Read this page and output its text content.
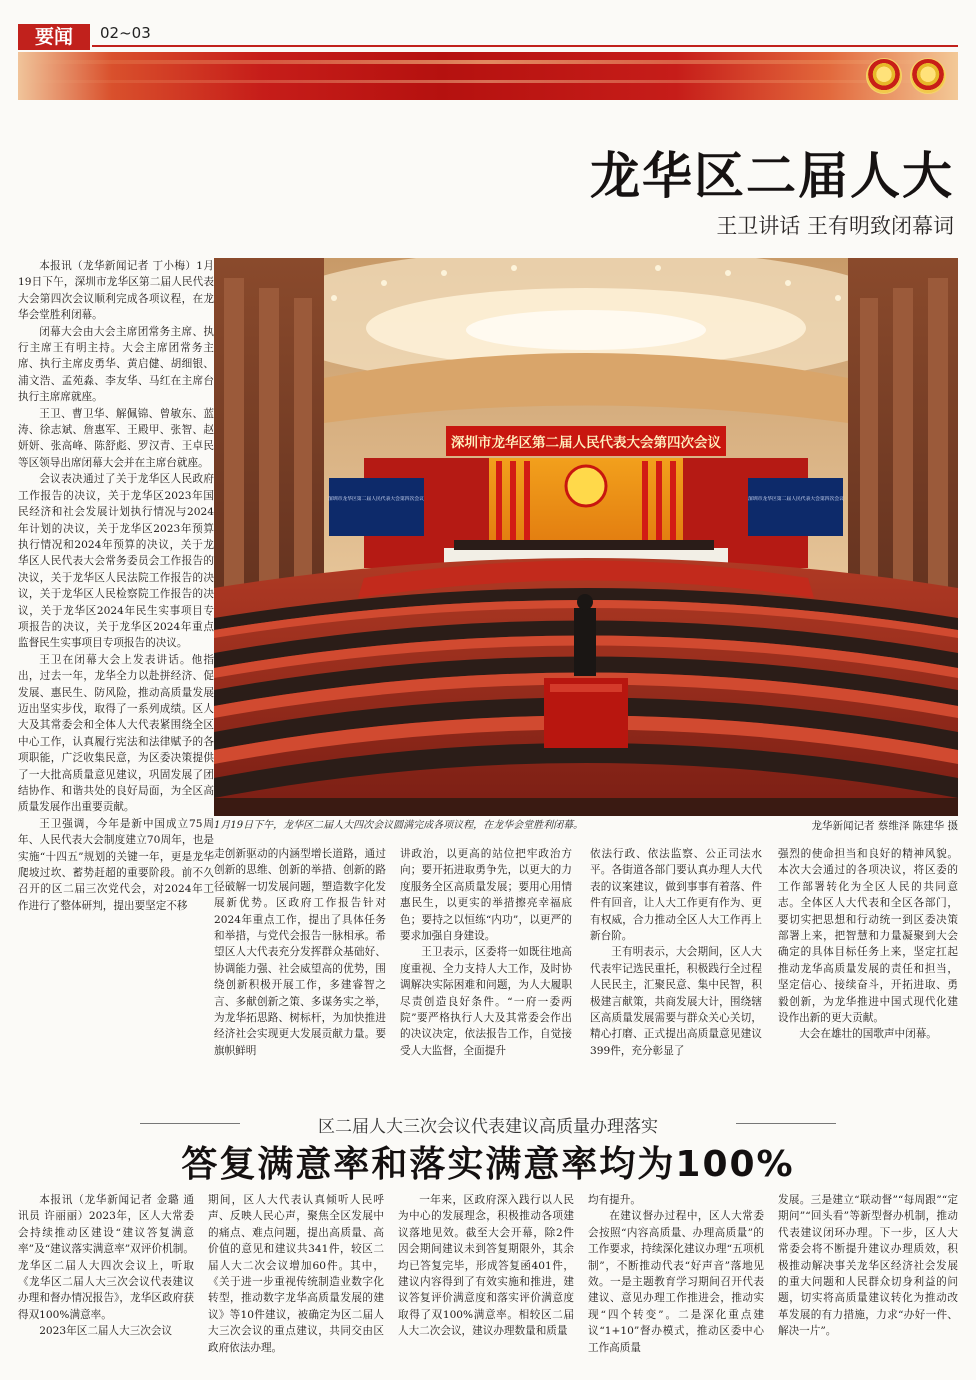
要闻	02~03
龙华区二届人大
王卫讲话 王有明致闭幕词

本报讯（龙华新闻记者 丁小梅）1月19日下午，深圳市龙华区第二届人民代表大会第四次会议顺利完成各项议程，在龙华会堂胜利闭幕。

闭幕大会由大会主席团常务主席、执行主席王有明主持。大会主席团常务主席、执行主席皮勇华、黄启健、胡细银、浦文浩、孟苑淼、李友华、马红在主席台执行主席席就座。

王卫、曹卫华、解佩锦、曾敏东、蓝涛、徐志斌、詹惠军、王殿甲、张智、赵妍妍、张高峰、陈舒彪、罗汉青、王卓民等区领导出席闭幕大会并在主席台就座。

会议表决通过了关于龙华区人民政府工作报告的决议，关于龙华区2023年国民经济和社会发展计划执行情况与2024年计划的决议，关于龙华区2023年预算执行情况和2024年预算的决议，关于龙华区人民代表大会常务委员会工作报告的决议，关于龙华区人民法院工作报告的决议，关于龙华区人民检察院工作报告的决议，关于龙华区2024年民生实事项目专项报告的决议，关于龙华区2024年重点监督民生实事项目专项报告的决议。

王卫在闭幕大会上发表讲话。他指出，过去一年，龙华全力以赴拼经济、促发展、惠民生、防风险，推动高质量发展迈出坚实步伐，取得了一系列成绩。区人大及其常委会和全体人大代表紧围绕全区中心工作，认真履行宪法和法律赋予的各项职能，广泛收集民意，为区委决策提供了一大批高质量意见建议，巩固发展了团结协作、和谐共处的良好局面，为全区高质量发展作出重要贡献。

王卫强调，今年是新中国成立75周年、人民代表大会制度建立70周年，也是实施“十四五”规划的关键一年，更是龙华爬坡过坎、蓄势赶超的重要阶段。前不久召开的区二届三次党代会，对2024年工作进行了整体研判，提出要坚定不移

深圳市龙华区第二届人民代表大会第四次会议
深圳市龙华区第二届人民代表大会第四次会议	深圳市龙华区第二届人民代表大会第四次会议
1月19日下午，龙华区二届人大四次会议圆满完成各项议程，在龙华会堂胜利闭幕。	龙华新闻记者 蔡维泽 陈建华 摄

走创新驱动的内涵型增长道路，通过创新的思维、创新的举措、创新的路径破解一切发展问题，塑造数字化发展新优势。区政府工作报告针对2024年重点工作，提出了具体任务和举措，与党代会报告一脉相承。希望区人大代表充分发挥群众基础好、协调能力强、社会威望高的优势，围绕创新积极开展工作，多建睿智之言、多献创新之策、多谋务实之举，为龙华拓思路、树标杆，为加快推进经济社会实现更大发展贡献力量。要旗帜鲜明

讲政治，以更高的站位把牢政治方向；要开拓进取勇争先，以更大的力度服务全区高质量发展；要用心用情惠民生，以更实的举措擦亮幸福底色；要持之以恒练“内功”，以更严的要求加强自身建设。

王卫表示，区委将一如既往地高度重视、全力支持人大工作，及时协调解决实际困难和问题，为人大履职尽责创造良好条件。“一府一委两院”要严格执行人大及其常委会作出的决议决定，依法报告工作，自觉接受人大监督，全面提升

依法行政、依法监察、公正司法水平。各街道各部门要认真办理人大代表的议案建议，做到事事有着落、件件有回音，让人大工作更有作为、更有权威，合力推动全区人大工作再上新台阶。

王有明表示，大会期间，区人大代表牢记选民重托，积极践行全过程人民民主，汇聚民意、集中民智，积极建言献策，共商发展大计，围绕辖区高质量发展需要与群众关心关切，精心打磨、正式提出高质量意见建议399件，充分彰显了

强烈的使命担当和良好的精神风貌。本次大会通过的各项决议，将区委的工作部署转化为全区人民的共同意志。全体区人大代表和全区各部门，要切实把思想和行动统一到区委决策部署上来，把智慧和力量凝聚到大会确定的具体目标任务上来，坚定扛起推动龙华高质量发展的责任和担当，坚定信心、接续奋斗，开拓进取、勇毅创新，为龙华推进中国式现代化建设作出新的更大贡献。

大会在雄壮的国歌声中闭幕。

区二届人大三次会议代表建议高质量办理落实
答复满意率和落实满意率均为100%

本报讯（龙华新闻记者 金璐 通讯员 许丽丽）2023年，区人大常委会持续推动区建设“建议答复满意率”及“建议落实满意率”双评价机制。龙华区二届人大四次会议上，听取《龙华区二届人大三次会议代表建议办理和督办情况报告》，龙华区政府获得双100%满意率。

2023年区二届人大三次会议

期间，区人大代表认真倾听人民呼声、反映人民心声，聚焦全区发展中的痛点、难点问题，提出高质量、高价值的意见和建议共341件，较区二届人大二次会议增加60件。其中，《关于进一步重视传统制造业数字化转型，推动数字龙华高质量发展的建议》等10件建议，被确定为区二届人大三次会议的重点建议，共同交由区政府依法办理。

一年来，区政府深入践行以人民为中心的发展理念，积极推动各项建议落地见效。截至大会开幕，除2件因会期间建议未到答复期限外，其余均已答复完毕，形成答复函401件，建议内容得到了有效实施和推进，建议答复评价满意度和落实评价满意度取得了双100%满意率。相较区二届人大二次会议，建议办理数量和质量

均有提升。

在建议督办过程中，区人大常委会按照“内容高质量、办理高质量”的工作要求，持续深化建议办理“五项机制”，不断推动代表“好声音”落地见效。一是主题教育学习期间召开代表建议、意见办理工作推进会，推动实现“四个转变”。二是深化重点建议“1+10”督办模式，推动区委中心工作高质量

发展。三是建立“联动督”“每周跟”“定期问”“回头看”等新型督办机制，推动代表建议闭环办理。下一步，区人大常委会将不断提升建议办理质效，积极推动解决事关龙华区经济社会发展的重大问题和人民群众切身利益的问题，切实将高质量建议转化为推动改革发展的有力措施，力求“办好一件、解决一片”。
